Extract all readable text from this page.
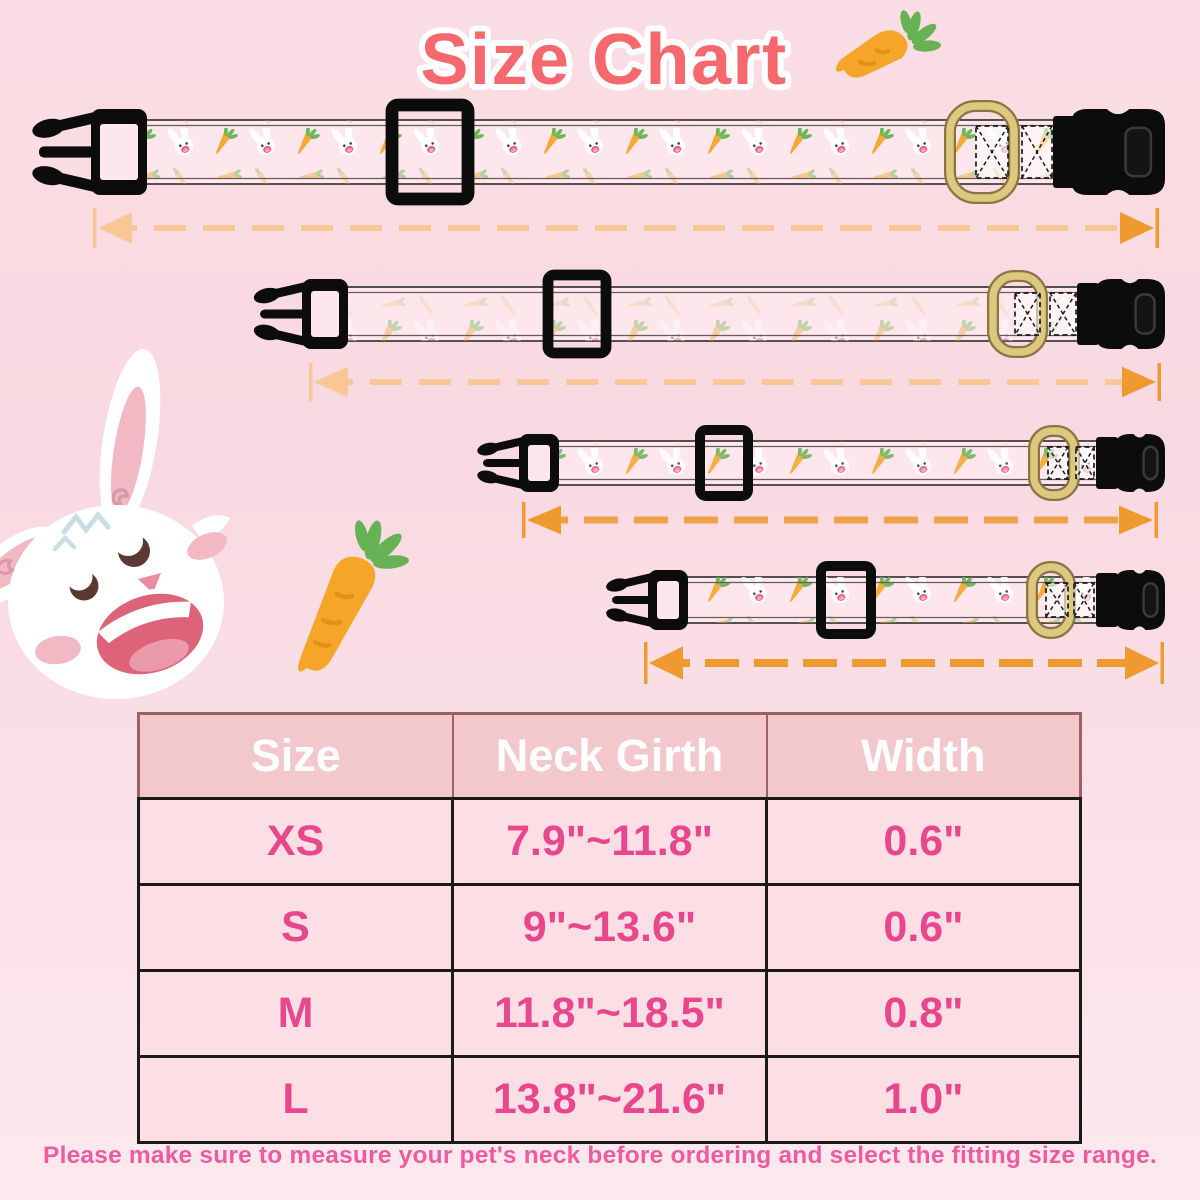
Size Chart
Size	Neck Girth	Width
XS	7.9"~11.8"	0.6"
S	9"~13.6"	0.6"
M	11.8"~18.5"	0.8"
L	13.8"~21.6"	1.0"
Please make sure to measure your pet's neck before ordering and select the fitting size range.
